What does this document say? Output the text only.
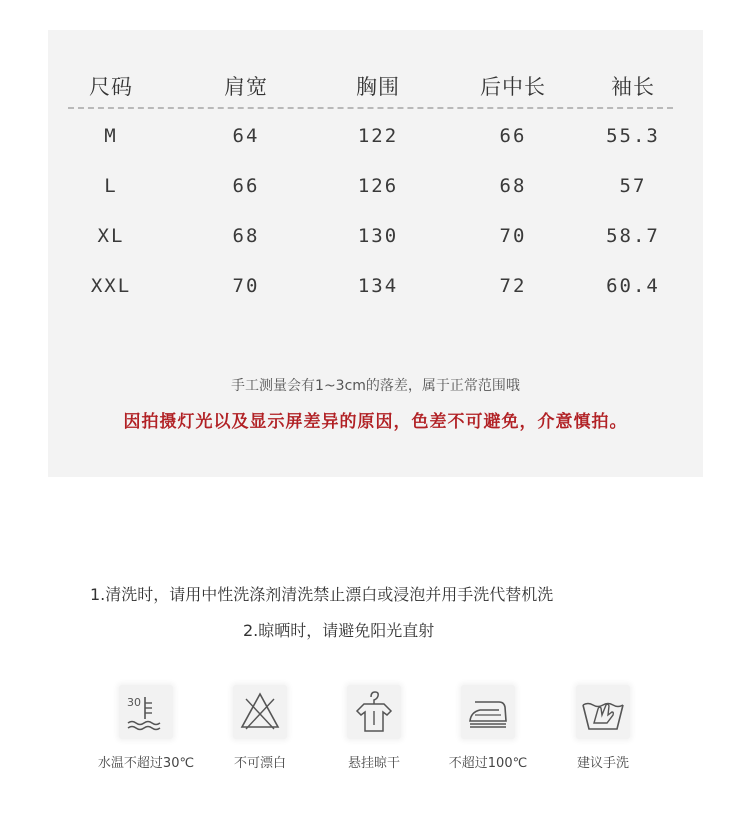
尺码	肩宽	胸围	后中长	袖长
M	64	122	66	55.3
L	66	126	68	57
XL	68	130	70	58.7
XXL	70	134	72	60.4
手工测量会有1~3cm的落差，属于正常范围哦
因拍摄灯光以及显示屏差异的原因，色差不可避免，介意慎拍。
1.清洗时，请用中性洗涤剂清洗禁止漂白或浸泡并用手洗代替机洗
2.晾晒时，请避免阳光直射
30
水温不超过30℃	不可漂白	悬挂晾干	不超过100℃	建议手洗
